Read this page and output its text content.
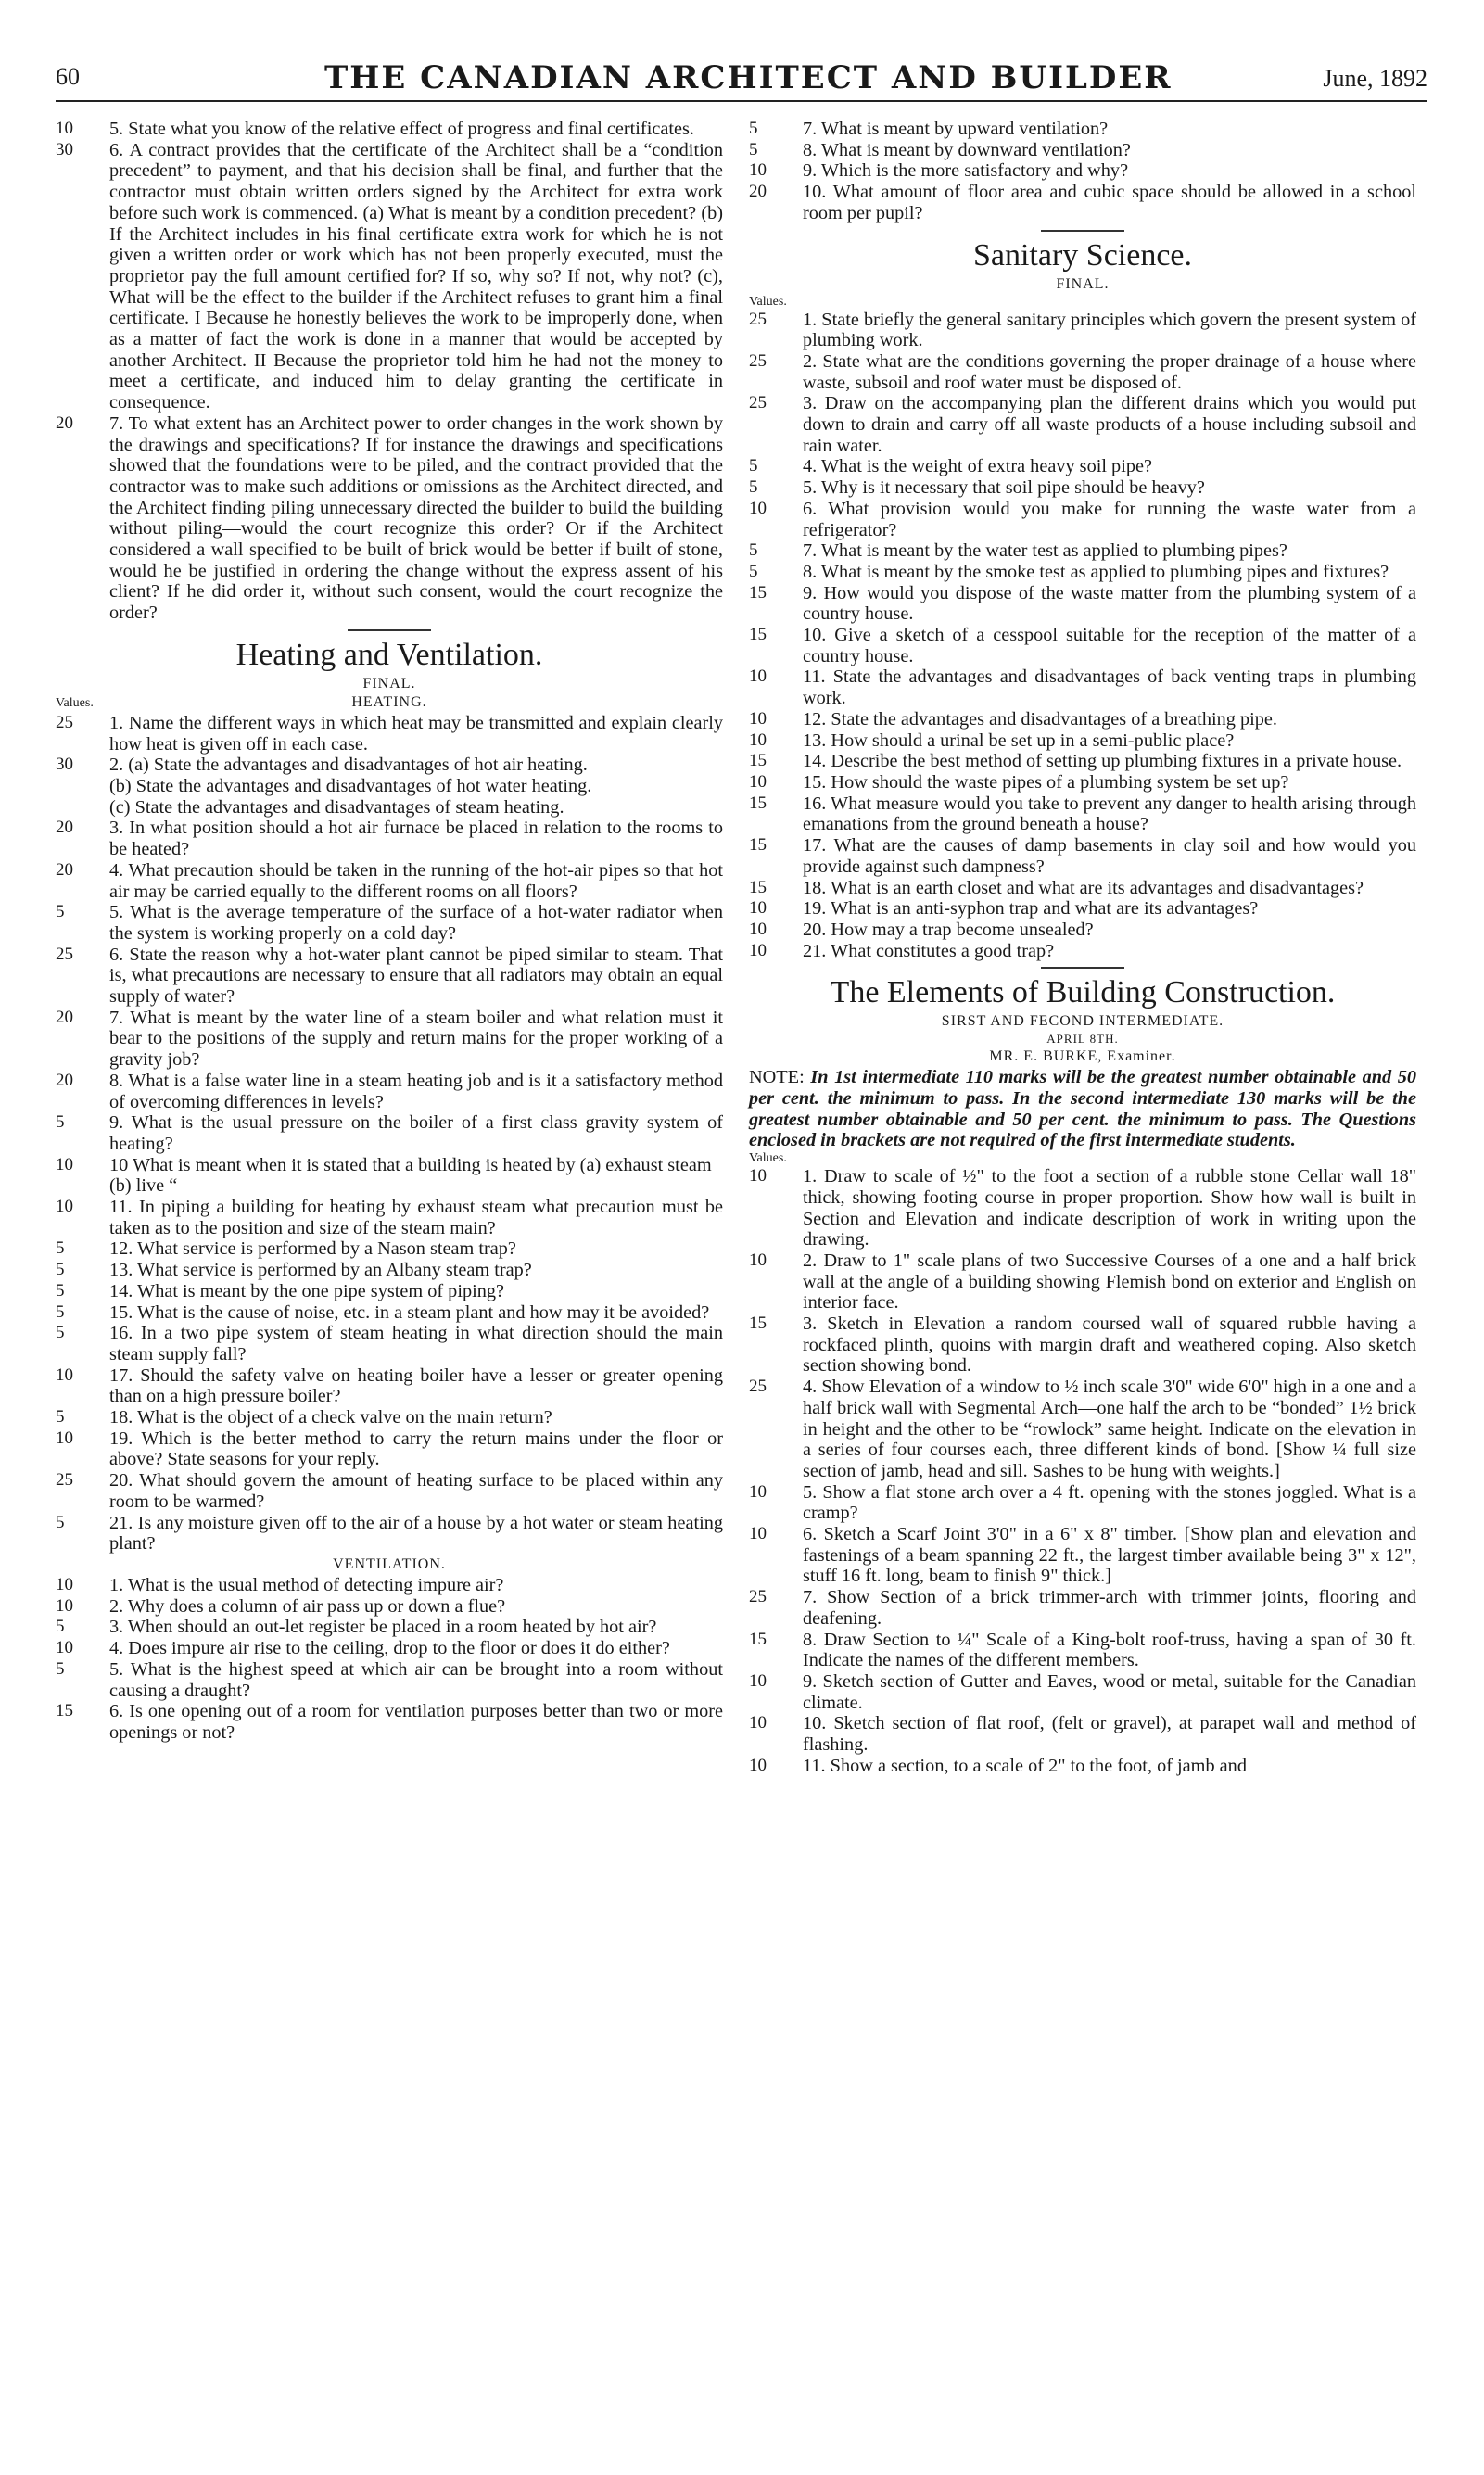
60	THE CANADIAN ARCHITECT AND BUILDER	June, 1892
10	5. State what you know of the relative effect of progress and final certificates.
30	6. A contract provides that the certificate of the Architect shall be a “condition precedent” to payment, and that his decision shall be final, and further that the contractor must obtain written orders signed by the Architect for extra work before such work is commenced. (a) What is meant by a condition precedent? (b) If the Architect includes in his final certificate extra work for which he is not given a written order or work which has not been properly executed, must the proprietor pay the full amount certified for? If so, why so? If not, why not? (c), What will be the effect to the builder if the Architect refuses to grant him a final certificate. I Because he honestly believes the work to be improperly done, when as a matter of fact the work is done in a manner that would be accepted by another Architect. II Because the proprietor told him he had not the money to meet a certificate, and induced him to delay granting the certificate in consequence.
20	7. To what extent has an Architect power to order changes in the work shown by the drawings and specifications? If for instance the drawings and specifications showed that the foundations were to be piled, and the contract provided that the contractor was to make such additions or omissions as the Architect directed, and the Architect finding piling unnecessary directed the builder to build the building without piling—would the court recognize this order? Or if the Architect considered a wall specified to be built of brick would be better if built of stone, would he be justified in ordering the change without the express assent of his client? If he did order it, without such consent, would the court recognize the order?
Heating and Ventilation.
FINAL.
Values.	HEATING.
25	1. Name the different ways in which heat may be transmitted and explain clearly how heat is given off in each case.
30	2. (a) State the advantages and disadvantages of hot air heating.
(b) State the advantages and disadvantages of hot water heating.
(c) State the advantages and disadvantages of steam heating.
20	3. In what position should a hot air furnace be placed in relation to the rooms to be heated?
20	4. What precaution should be taken in the running of the hot-air pipes so that hot air may be carried equally to the different rooms on all floors?
5	5. What is the average temperature of the surface of a hot-water radiator when the system is working properly on a cold day?
25	6. State the reason why a hot-water plant cannot be piped similar to steam. That is, what precautions are necessary to ensure that all radiators may obtain an equal supply of water?
20	7. What is meant by the water line of a steam boiler and what relation must it bear to the positions of the supply and return mains for the proper working of a gravity job?
20	8. What is a false water line in a steam heating job and is it a satisfactory method of overcoming differences in levels?
5	9. What is the usual pressure on the boiler of a first class gravity system of heating?
10	10 What is meant when it is stated that a building is heated by (a) exhaust steam
(b) live “
10	11. In piping a building for heating by exhaust steam what precaution must be taken as to the position and size of the steam main?
5	12. What service is performed by a Nason steam trap?
5	13. What service is performed by an Albany steam trap?
5	14. What is meant by the one pipe system of piping?
5	15. What is the cause of noise, etc. in a steam plant and how may it be avoided?
5	16. In a two pipe system of steam heating in what direction should the main steam supply fall?
10	17. Should the safety valve on heating boiler have a lesser or greater opening than on a high pressure boiler?
5	18. What is the object of a check valve on the main return?
10	19. Which is the better method to carry the return mains under the floor or above? State seasons for your reply.
25	20. What should govern the amount of heating surface to be placed within any room to be warmed?
5	21. Is any moisture given off to the air of a house by a hot water or steam heating plant?
VENTILATION.
10	1. What is the usual method of detecting impure air?
10	2. Why does a column of air pass up or down a flue?
5	3. When should an out-let register be placed in a room heated by hot air?
10	4. Does impure air rise to the ceiling, drop to the floor or does it do either?
5	5. What is the highest speed at which air can be brought into a room without causing a draught?
15	6. Is one opening out of a room for ventilation purposes better than two or more openings or not?
5	7. What is meant by upward ventilation?
5	8. What is meant by downward ventilation?
10	9. Which is the more satisfactory and why?
20	10. What amount of floor area and cubic space should be allowed in a school room per pupil?
Sanitary Science.
FINAL.
Values.
25	1. State briefly the general sanitary principles which govern the present system of plumbing work.
25	2. State what are the conditions governing the proper drainage of a house where waste, subsoil and roof water must be disposed of.
25	3. Draw on the accompanying plan the different drains which you would put down to drain and carry off all waste products of a house including subsoil and rain water.
5	4. What is the weight of extra heavy soil pipe?
5	5. Why is it necessary that soil pipe should be heavy?
10	6. What provision would you make for running the waste water from a refrigerator?
5	7. What is meant by the water test as applied to plumbing pipes?
5	8. What is meant by the smoke test as applied to plumbing pipes and fixtures?
15	9. How would you dispose of the waste matter from the plumbing system of a country house.
15	10. Give a sketch of a cesspool suitable for the reception of the matter of a country house.
10	11. State the advantages and disadvantages of back venting traps in plumbing work.
10	12. State the advantages and disadvantages of a breathing pipe.
10	13. How should a urinal be set up in a semi-public place?
15	14. Describe the best method of setting up plumbing fixtures in a private house.
10	15. How should the waste pipes of a plumbing system be set up?
15	16. What measure would you take to prevent any danger to health arising through emanations from the ground beneath a house?
15	17. What are the causes of damp basements in clay soil and how would you provide against such dampness?
15	18. What is an earth closet and what are its advantages and disadvantages?
10	19. What is an anti-syphon trap and what are its advantages?
10	20. How may a trap become unsealed?
10	21. What constitutes a good trap?
The Elements of Building Construction.
SIRST AND FECOND INTERMEDIATE.
APRIL 8TH.
MR. E. BURKE, Examiner.
NOTE: In 1st intermediate 110 marks will be the greatest number obtainable and 50 per cent. the minimum to pass. In the second intermediate 130 marks will be the greatest number obtainable and 50 per cent. the minimum to pass. The Questions enclosed in brackets are not required of the first intermediate students.
Values.
10	1. Draw to scale of ½" to the foot a section of a rubble stone Cellar wall 18" thick, showing footing course in proper proportion. Show how wall is built in Section and Elevation and indicate description of work in writing upon the drawing.
10	2. Draw to 1" scale plans of two Successive Courses of a one and a half brick wall at the angle of a building showing Flemish bond on exterior and English on interior face.
15	3. Sketch in Elevation a random coursed wall of squared rubble having a rockfaced plinth, quoins with margin draft and weathered coping. Also sketch section showing bond.
25	4. Show Elevation of a window to ½ inch scale 3'0" wide 6'0" high in a one and a half brick wall with Segmental Arch—one half the arch to be “bonded” 1½ brick in height and the other to be “rowlock” same height. Indicate on the elevation in a series of four courses each, three different kinds of bond. [Show ¼ full size section of jamb, head and sill. Sashes to be hung with weights.]
10	5. Show a flat stone arch over a 4 ft. opening with the stones joggled. What is a cramp?
10	6. Sketch a Scarf Joint 3'0" in a 6" x 8" timber. [Show plan and elevation and fastenings of a beam spanning 22 ft., the largest timber available being 3" x 12", stuff 16 ft. long, beam to finish 9" thick.]
25	7. Show Section of a brick trimmer-arch with trimmer joints, flooring and deafening.
15	8. Draw Section to ¼" Scale of a King-bolt roof-truss, having a span of 30 ft. Indicate the names of the different members.
10	9. Sketch section of Gutter and Eaves, wood or metal, suitable for the Canadian climate.
10	10. Sketch section of flat roof, (felt or gravel), at parapet wall and method of flashing.
10	11. Show a section, to a scale of 2" to the foot, of jamb and
